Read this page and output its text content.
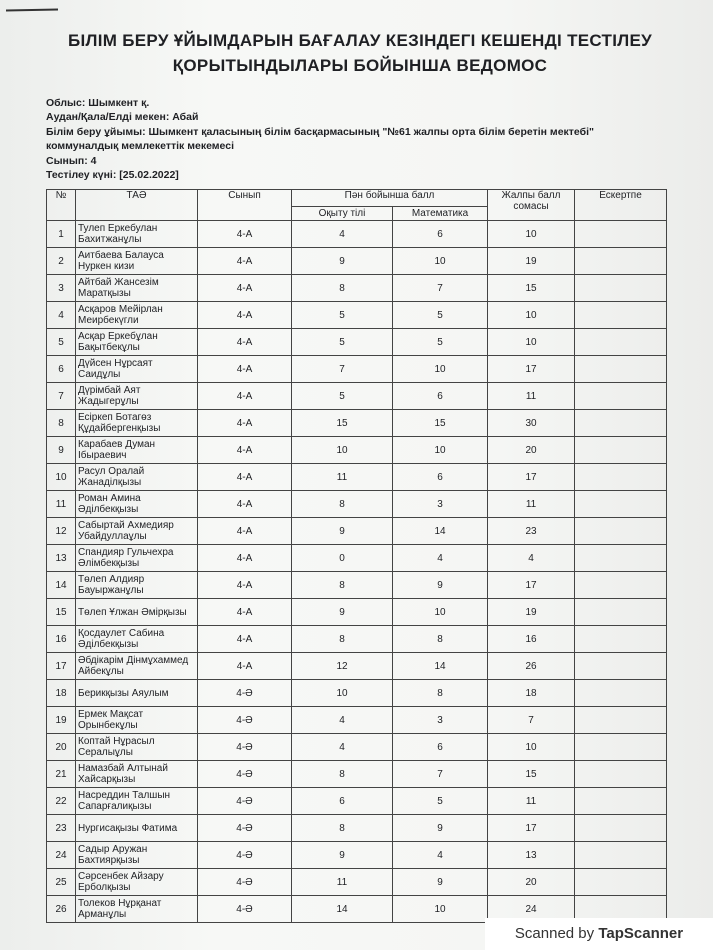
БІЛІМ БЕРУ ҰЙЫМДАРЫН БАҒАЛАУ КЕЗІНДЕГІ КЕШЕНДІ ТЕСТІЛЕУ
ҚОРЫТЫНДЫЛАРЫ БОЙЫНША ВЕДОМОС
Облыс: Шымкент қ.
Аудан/Қала/Елді мекен: Абай
Білім беру ұйымы: Шымкент қаласының білім басқармасының "№61 жалпы орта білім беретін мектебі" коммуналдық мемлекеттік мекемесі
Сынып: 4
Тестілеу күні: [25.02.2022]
№	ТАӘ	Сынып	Пән бойынша балл		Жалпы балл сомасы	Ескертпе
			Оқыту тілі	Математика		
1	Тулеп Еркебулан Бахитжанұлы	4-А	4	6	10	
2	Аитбаева Балауса Нуркен кизи	4-А	9	10	19	
3	Айтбай Жансезім Маратқызы	4-А	8	7	15	
4	Асқаров Мейірлан Меирбекүгли	4-А	5	5	10	
5	Асқар Еркебұлан Бақытбекұлы	4-А	5	5	10	
6	Дүйсен Нұрсаят Саидұлы	4-А	7	10	17	
7	Дүрімбай Аят Жадыгерұлы	4-А	5	6	11	
8	Есіркеп Ботагөз Құдайбергенқызы	4-А	15	15	30	
9	Карабаев Думан Ібыраевич	4-А	10	10	20	
10	Расул Оралай Жанаділқызы	4-А	11	6	17	
11	Роман Амина Әділбекқызы	4-А	8	3	11	
12	Сабыртай Ахмедияр Убайдуллаұлы	4-А	9	14	23	
13	Спандияр Гульчехра Әлімбекқызы	4-А	0	4	4	
14	Төлеп Алдияр Бауыржанұлы	4-А	8	9	17	
15	Төлеп Ұлжан Әмірқызы	4-А	9	10	19	
16	Қосдаулет Сабина Әділбекқызы	4-А	8	8	16	
17	Әбдікарім Дінмұхаммед Айбекұлы	4-А	12	14	26	
18	Берикқызы Аяулым	4-Ә	10	8	18	
19	Ермек Мақсат Орынбекұлы	4-Ә	4	3	7	
20	Коптай Нұрасыл Сералыұлы	4-Ә	4	6	10	
21	Намазбай Алтынай Хайсарқызы	4-Ә	8	7	15	
22	Насреддин Талшын Сапарғалиқызы	4-Ә	6	5	11	
23	Нургисақызы Фатима	4-Ә	8	9	17	
24	Садыр Аружан Бахтиярқызы	4-Ә	9	4	13	
25	Сәрсенбек Айзару Ерболқызы	4-Ә	11	9	20	
26	Толеков Нұрқанат Арманұлы	4-Ә	14	10	24	
Scanned by TapScanner
